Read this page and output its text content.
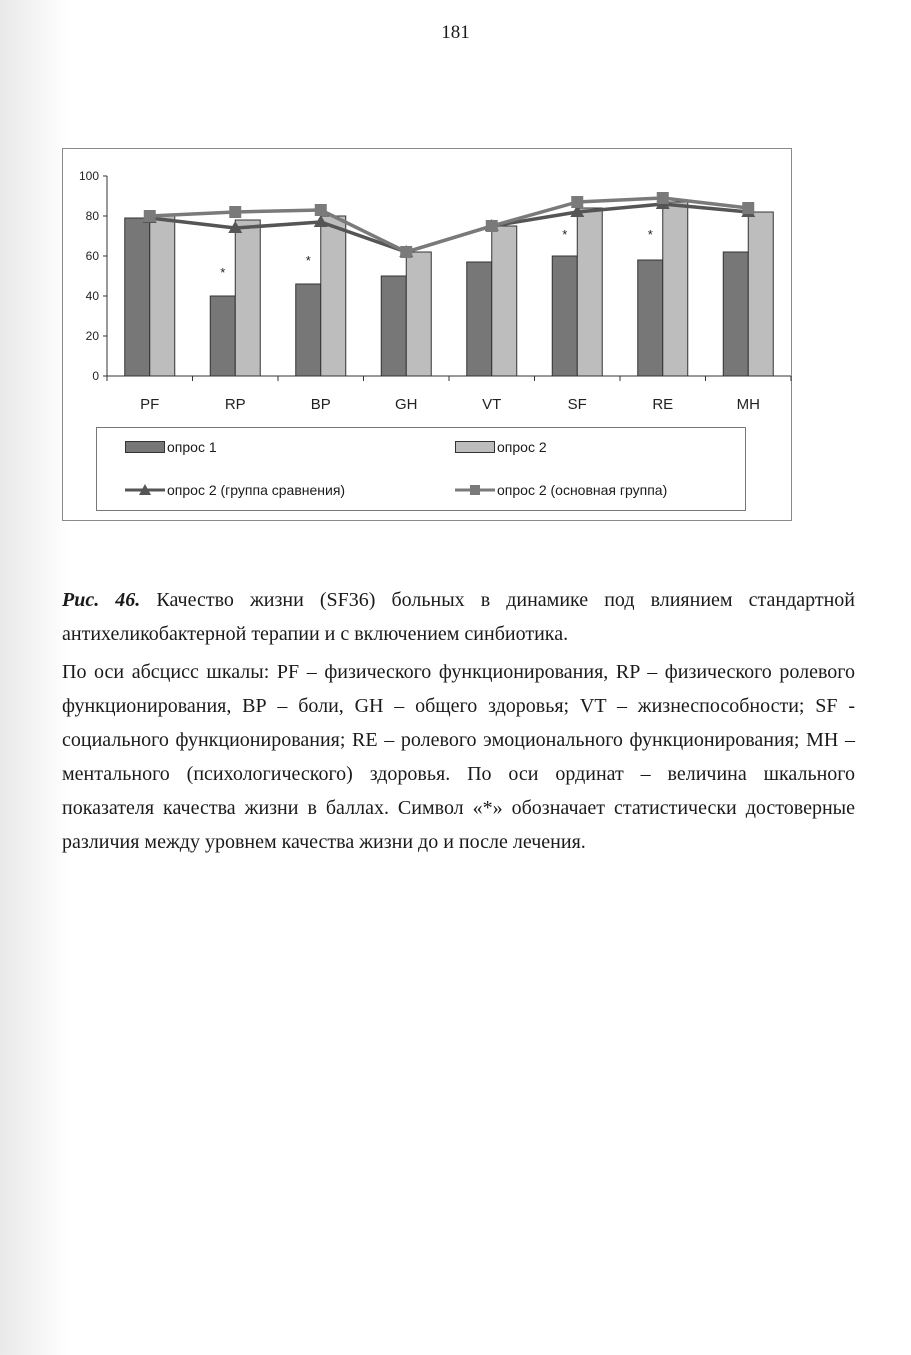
181
0
20
40
60
80
100
*
*
*	*
PF	RP	BP	GH	VT	SF	RE	MH
опрос 1	опрос 2
опрос 2 (группа сравнения)	опрос 2 (основная группа)

Рис. 46. Качество жизни (SF36) больных в динамике под влиянием стандартной антихеликобактерной терапии и с включением синбиотика.

По оси абсцисс шкалы: PF – физического функционирования, RP – физического ролевого функционирования, ВР – боли, GH – общего здоровья; VT – жизнеспособности; SF - социального функционирования; RE – ролевого эмоционального функционирования; МН – ментального (психологического) здоровья. По оси ординат – величина шкального показателя качества жизни в баллах. Символ «*» обозначает статистически достоверные различия между уровнем качества жизни до и после лечения.
